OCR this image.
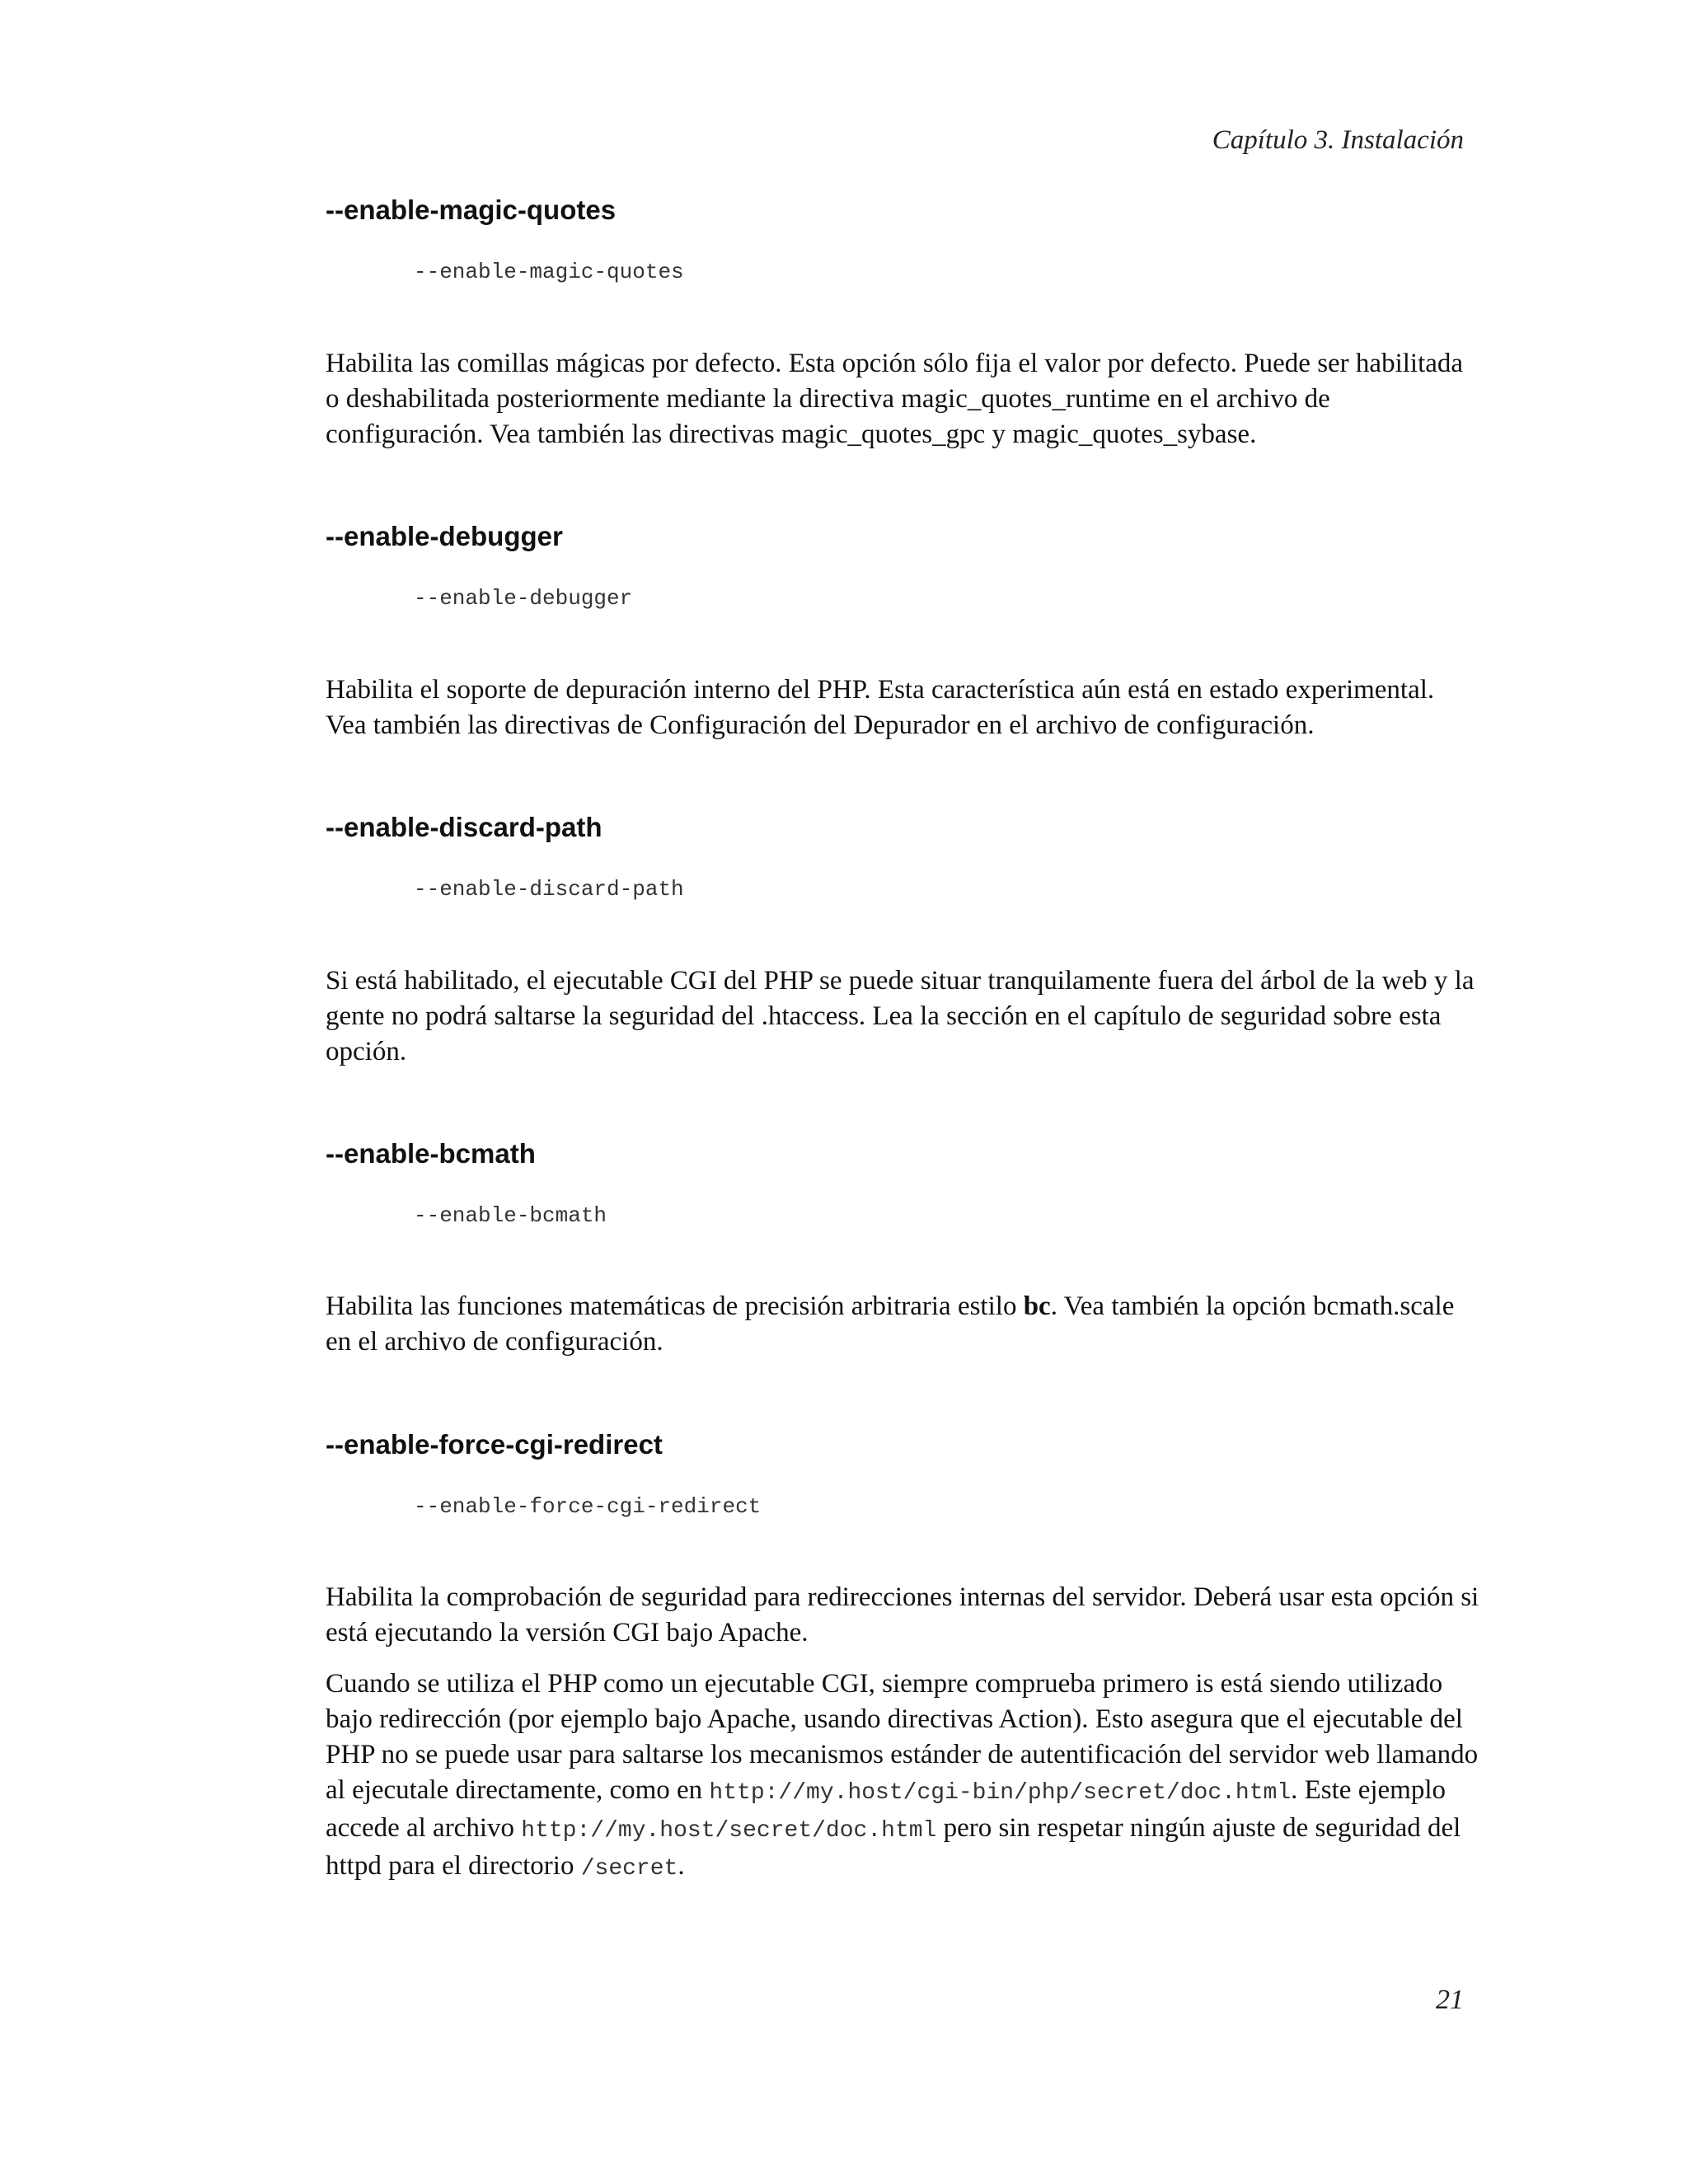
Capítulo 3. Instalación

--enable-magic-quotes

--enable-magic-quotes

Habilita las comillas mágicas por defecto. Esta opción sólo fija el valor por defecto. Puede ser habilitada o deshabilitada posteriormente mediante la directiva magic_quotes_runtime en el archivo de configuración. Vea también las directivas magic_quotes_gpc y magic_quotes_sybase.

--enable-debugger

--enable-debugger

Habilita el soporte de depuración interno del PHP. Esta característica aún está en estado experimental. Vea también las directivas de Configuración del Depurador en el archivo de configuración.

--enable-discard-path

--enable-discard-path

Si está habilitado, el ejecutable CGI del PHP se puede situar tranquilamente fuera del árbol de la web y la gente no podrá saltarse la seguridad del .htaccess. Lea la sección en el capítulo de seguridad sobre esta opción.

--enable-bcmath

--enable-bcmath

Habilita las funciones matemáticas de precisión arbitraria estilo bc. Vea también la opción bcmath.scale en el archivo de configuración.

--enable-force-cgi-redirect

--enable-force-cgi-redirect

Habilita la comprobación de seguridad para redirecciones internas del servidor. Deberá usar esta opción si está ejecutando la versión CGI bajo Apache.

Cuando se utiliza el PHP como un ejecutable CGI, siempre comprueba primero is está siendo utilizado bajo redirección (por ejemplo bajo Apache, usando directivas Action). Esto asegura que el ejecutable del PHP no se puede usar para saltarse los mecanismos estánder de autentificación del servidor web llamando al ejecutale directamente, como en http://my.host/cgi-bin/php/secret/doc.html. Este ejemplo accede al archivo http://my.host/secret/doc.html pero sin respetar ningún ajuste de seguridad del httpd para el directorio /secret.

21
